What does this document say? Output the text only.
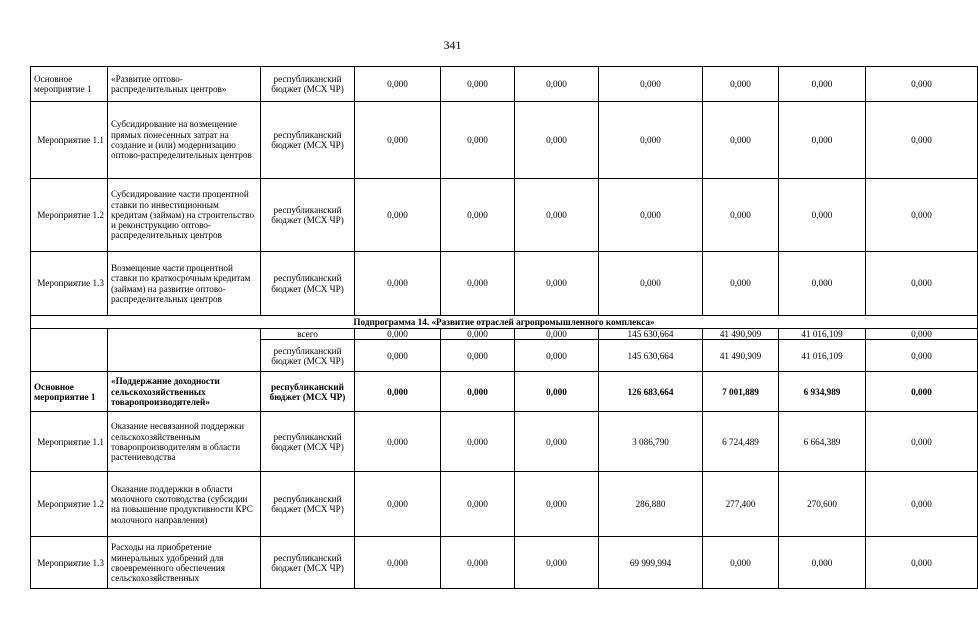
341
Основное мероприятие 1	«Развитие оптово-распределительных центров»	республиканский бюджет (МСХ ЧР)	0,000	0,000	0,000	0,000	0,000	0,000	0,000
Мероприятие 1.1	Субсидирование на возмещение прямых понесенных затрат на создание и (или) модернизацию оптово-распределительных центров	республиканский бюджет (МСХ ЧР)	0,000	0,000	0,000	0,000	0,000	0,000	0,000
Мероприятие 1.2	Субсидирование части процентной ставки по инвестиционным кредитам (займам) на строительство и реконструкцию оптово-распределительных центров	республиканский бюджет (МСХ ЧР)	0,000	0,000	0,000	0,000	0,000	0,000	0,000
Мероприятие 1.3	Возмещение части процентной ставки по краткосрочным кредитам (займам) на развитие оптово-распределительных центров	республиканский бюджет (МСХ ЧР)	0,000	0,000	0,000	0,000	0,000	0,000	0,000
Подпрограмма 14. «Развитие отраслей агропромышленного комплекса»									
		всего	0,000	0,000	0,000	145 630,664	41 490,909	41 016,109	0,000
		республиканский бюджет (МСХ ЧР)	0,000	0,000	0,000	145 630,664	41 490,909	41 016,109	0,000
Основное мероприятие 1	«Поддержание доходности сельскохозяйственных товаропроизводителей»	республиканский бюджет (МСХ ЧР)	0,000	0,000	0,000	126 683,664	7 001,889	6 934,989	0,000
Мероприятие 1.1	Оказание несвязанной поддержки сельскохозяйственным товаропроизводителям в области растениеводства	республиканский бюджет (МСХ ЧР)	0,000	0,000	0,000	3 086,790	6 724,489	6 664,389	0,000
Мероприятие 1.2	Оказание поддержки в области молочного скотоводства (субсидии на повышение продуктивности КРС молочного направления)	республиканский бюджет (МСХ ЧР)	0,000	0,000	0,000	286,880	277,400	270,600	0,000
Мероприятие 1.3	Расходы на приобретение минеральных удобрений для своевременного обеспечения сельскохозяйственных	республиканский бюджет (МСХ ЧР)	0,000	0,000	0,000	69 999,994	0,000	0,000	0,000
